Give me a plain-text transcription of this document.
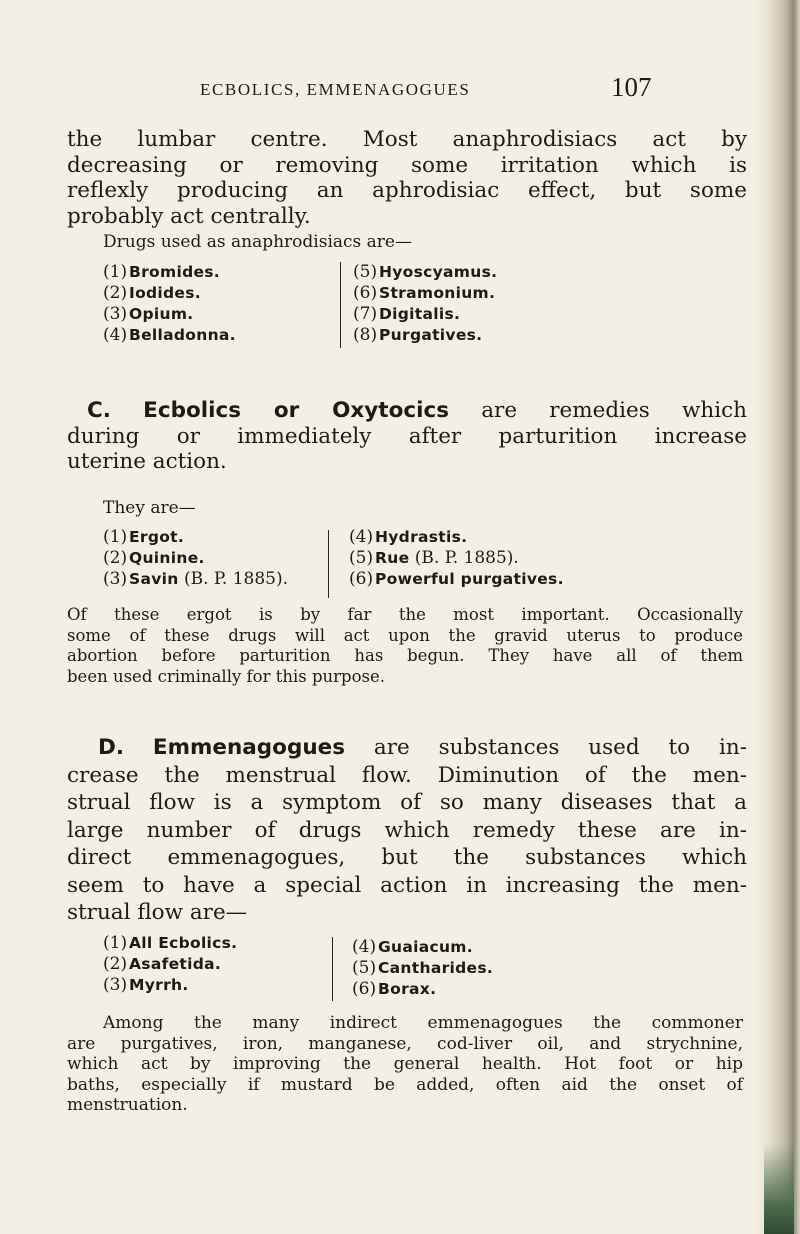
ECBOLICS, EMMENAGOGUES	107
the lumbar centre. Most anaphrodisiacs act by
decreasing or removing some irritation which is
reflexly producing an aphrodisiac effect, but some
probably act centrally.
Drugs used as anaphrodisiacs are—
(1) Bromides.
(2) Iodides.
(3) Opium.
(4) Belladonna.
(5) Hyoscyamus.
(6) Stramonium.
(7) Digitalis.
(8) Purgatives.
C. Ecbolics or Oxytocics are remedies which
during or immediately after parturition increase
uterine action.
They are—
(1) Ergot.
(2) Quinine.
(3) Savin (B. P. 1885).
(4) Hydrastis.
(5) Rue (B. P. 1885).
(6) Powerful purgatives.
Of these ergot is by far the most important. Occasionally
some of these drugs will act upon the gravid uterus to produce
abortion before parturition has begun. They have all of them
been used criminally for this purpose.
D. Emmenagogues are substances used to in-
crease the menstrual flow. Diminution of the men-
strual flow is a symptom of so many diseases that a
large number of drugs which remedy these are in-
direct emmenagogues, but the substances which
seem to have a special action in increasing the men-
strual flow are—
(1) All Ecbolics.
(2) Asafetida.
(3) Myrrh.
(4) Guaiacum.
(5) Cantharides.
(6) Borax.
Among the many indirect emmenagogues the commoner
are purgatives, iron, manganese, cod-liver oil, and strychnine,
which act by improving the general health. Hot foot or hip
baths, especially if mustard be added, often aid the onset of
menstruation.
